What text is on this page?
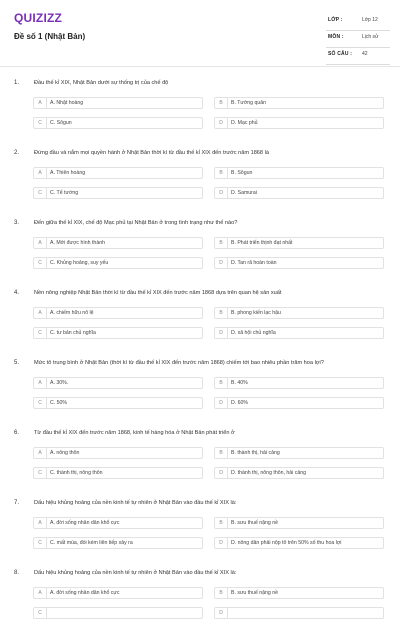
QUIZIZZ
Đề số 1 (Nhật Bản)
LỚP :	Lớp 12
MÔN :	Lịch sử
SỐ CÂU : 42
1.	Đầu thế kỉ XIX, Nhật Bản dưới sự thống trị của chế độ
A	A. Nhật hoàng	B	B. Tướng quân
C	C. Sôgun	D	D. Mạc phủ
2.	Đứng đầu và nắm mọi quyền hành ở Nhật Bản thời kì từ đầu thế kỉ XIX đến trước năm 1868 là
A	A. Thiên hoàng	B	B. Sôgun
C	C. Tể tướng	D	D. Samurai
3.	Đến giữa thế kỉ XIX, chế độ Mạc phủ tại Nhật Bản ở trong tình trạng như thế nào?
A	A. Mới được hình thành	B	B. Phát triển thịnh đạt nhất
C	C. Khủng hoảng, suy yếu	D	D. Tan rã hoàn toàn
4.	Nền nông nghiệp Nhật Bản thời kì từ đầu thế kỉ XIX đến trước năm 1868 dựa trên quan hệ sản xuất
A	A. chiếm hữu nô lệ	B	B. phong kiến lạc hậu
C	C. tư bản chủ nghĩa	D	D. xã hội chủ nghĩa
5.	Mức tô trung bình ở Nhật Bản (thời kì từ đầu thế kỉ XIX đến trước năm 1868) chiếm tới bao nhiêu phần trăm hoa lợi?
A	A. 30%.	B	B. 40%
C	C. 50%	D	D. 60%
6.	Từ đầu thế kỉ XIX đến trước năm 1868, kinh tế hàng hóa ở Nhật Bản phát triển ở
A	A. nông thôn	B	B. thành thị, hải cảng
C	C. thành thị, nông thôn	D	D. thành thị, nông thôn, hải cảng
7.	Dấu hiệu khủng hoảng của nền kinh tế tự nhiên ở Nhật Bản vào đầu thế kỉ XIX là:
A	A. đời sống nhân dân khổ cực	B	B. sưu thuế nặng nề
C	C. mất mùa, đói kém liên tiếp xảy ra	D	D. nông dân phải nộp tô trên 50% số thu hoa lợi
8.	Dấu hiệu khủng hoảng của nền kinh tế tự nhiên ở Nhật Bản vào đầu thế kỉ XIX là:
A	A. đời sống nhân dân khổ cực	B	B. sưu thuế nặng nề
C	D
